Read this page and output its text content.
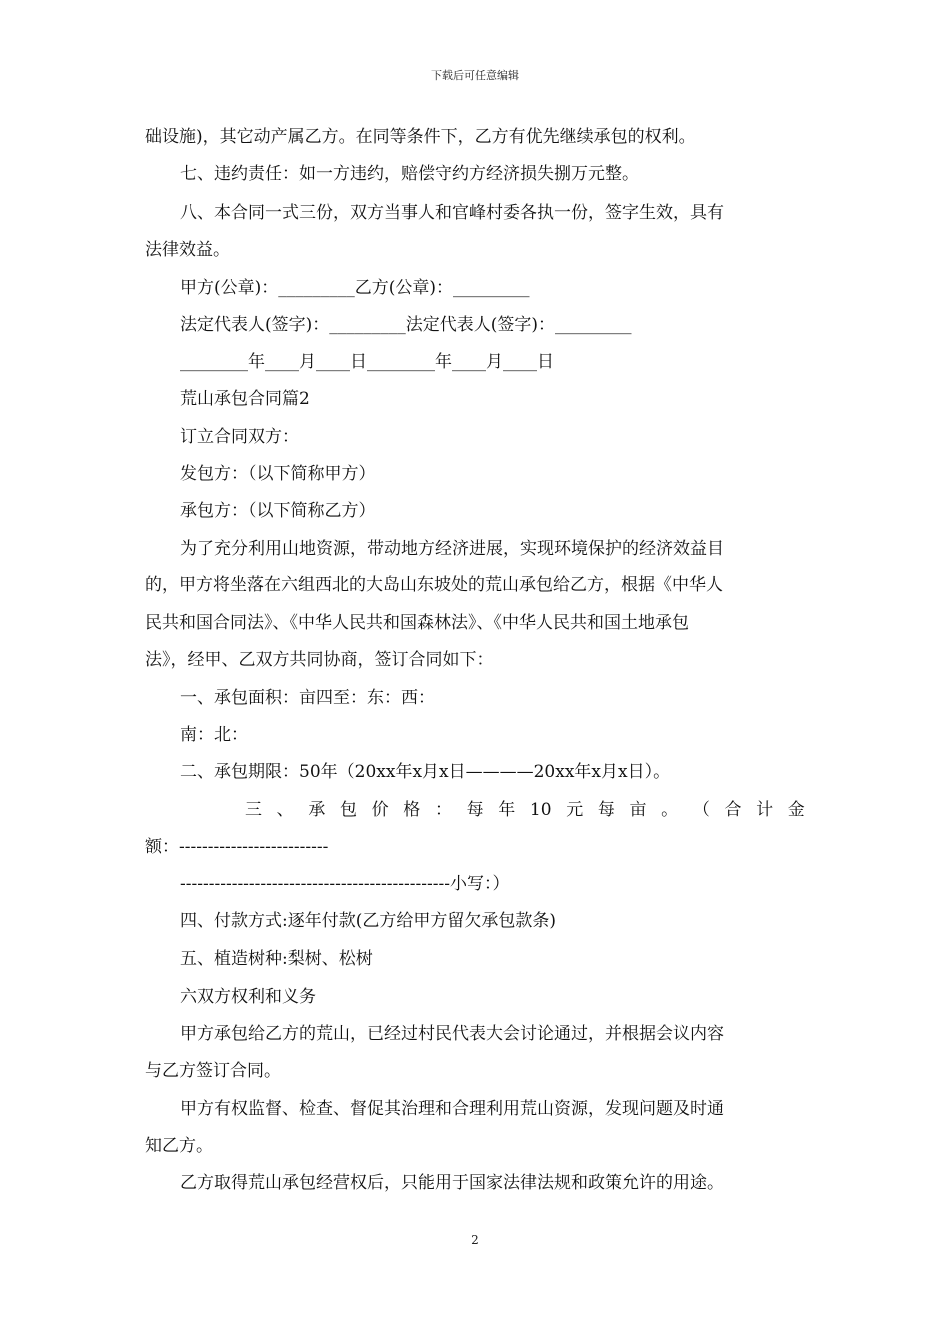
下载后可任意编辑
础设施)，其它动产属乙方。在同等条件下，乙方有优先继续承包的权利。
七、违约责任：如一方违约，赔偿守约方经济损失捌万元整。
八、本合同一式三份，双方当事人和官峰村委各执一份，签字生效，具有
法律效益。
甲方(公章)：_________乙方(公章)：_________
法定代表人(签字)：_________法定代表人(签字)：_________
________年____月____日________年____月____日
荒山承包合同篇2
订立合同双方：
发包方：（以下简称甲方）
承包方：（以下简称乙方）
为了充分利用山地资源，带动地方经济进展，实现环境保护的经济效益目
的，甲方将坐落在六组西北的大岛山东坡处的荒山承包给乙方，根据《中华人
民共和国合同法》、《中华人民共和国森林法》、《中华人民共和国土地承包
法》，经甲、乙双方共同协商，签订合同如下：
一、承包面积：亩四至：东：西：
南：北：
二、承包期限：50年（20xx年x月x日————20xx年x月x日）。
额：--------------------------
-----------------------------------------------小写：）
四、付款方式:逐年付款(乙方给甲方留欠承包款条)
五、植造树种:梨树、松树
六双方权利和义务
甲方承包给乙方的荒山，已经过村民代表大会讨论通过，并根据会议内容
与乙方签订合同。
甲方有权监督、检查、督促其治理和合理利用荒山资源，发现问题及时通
知乙方。
乙方取得荒山承包经营权后，只能用于国家法律法规和政策允许的用途。
三 、 承 包 价 格 ： 每 年 10 元 每 亩 。 （ 合 计 金
2
